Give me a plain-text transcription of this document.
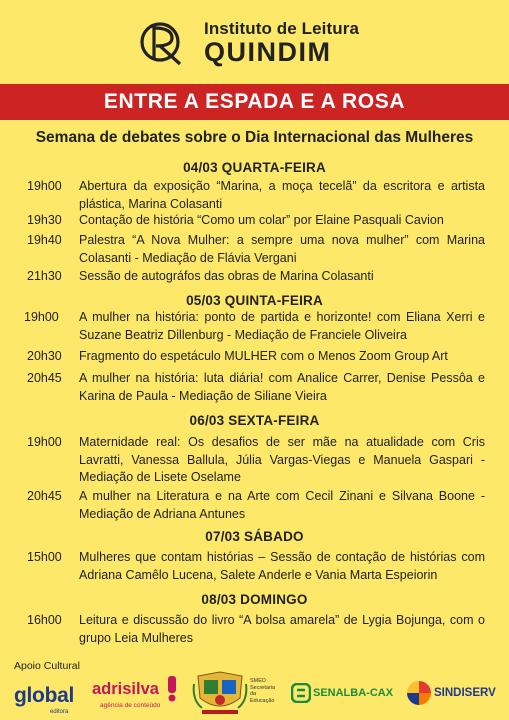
Instituto de Leitura
QUINDIM
ENTRE A ESPADA E A ROSA
Semana de debates sobre o Dia Internacional das Mulheres
04/03 QUARTA-FEIRA
19h00	Abertura da exposição “Marina, a moça tecelã” da escritora e artista plástica, Marina Colasanti
19h30	Contação de história “Como um colar” por Elaine Pasquali Cavion
19h40	Palestra “A Nova Mulher: a sempre uma nova mulher” com Marina Colasanti - Mediação de Flávia Vergani
21h30	Sessão de autográfos das obras de Marina Colasanti
05/03 QUINTA-FEIRA
19h00	A mulher na história: ponto de partida e horizonte! com Eliana Xerri e Suzane Beatriz Dillenburg - Mediação de Franciele Oliveira
20h30	Fragmento do espetáculo MULHER com o Menos Zoom Group Art
20h45	A mulher na história: luta diária! com Analice Carrer, Denise Pessôa e Karina de Paula - Mediação de Siliane Vieira
06/03 SEXTA-FEIRA
19h00	Maternidade real: Os desafios de ser mãe na atualidade com Cris Lavratti, Vanessa Ballula, Júlia Vargas-Viegas e Manuela Gaspari - Mediação de Lisete Oselame
20h45	A mulher na Literatura e na Arte com Cecil Zinani e Silvana Boone - Mediação de Adriana Antunes
07/03 SÁBADO
15h00	Mulheres que contam histórias – Sessão de contação de histórias com Adriana Camêlo Lucena, Salete Anderle e Vania Marta Espeiorin
08/03 DOMINGO
16h00	Leitura e discussão do livro “A bolsa amarela” de Lygia Bojunga, com o grupo Leia Mulheres
Apoio Cultural
global
editora
adrisilva
agência de conteúdo
SMED Secretaria da Educação
SENALBA-CAX	SINDISERV
